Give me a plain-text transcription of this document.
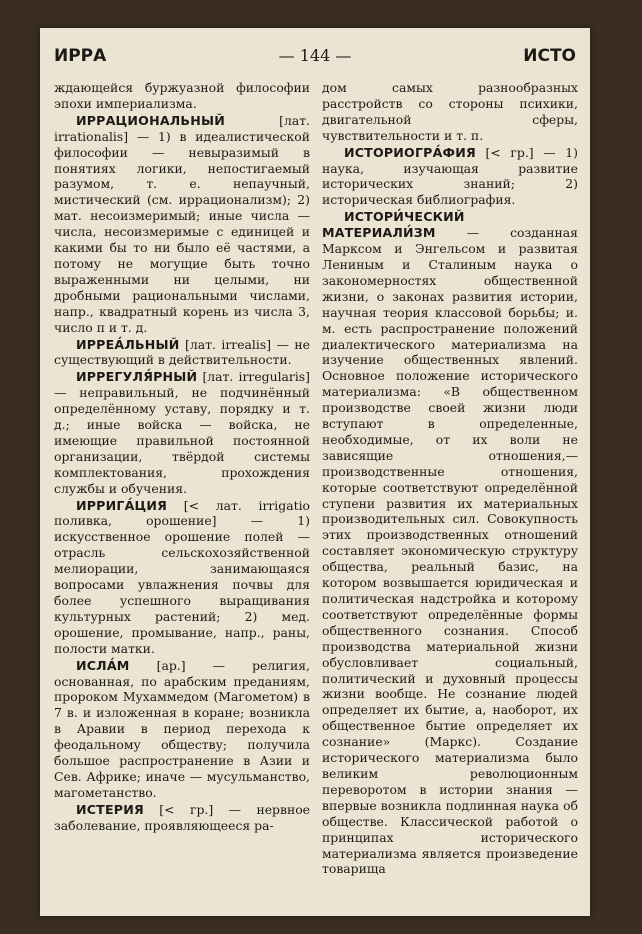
ИРРА	— 144 —	ИСТО

ждающейся буржуазной философии эпохи империализма.

ИРРАЦИОНАЛЬНЫЙ	[лат. irrationalis] — 1) в идеалистической философии — невыразимый в понятиях логики, непостигаемый разумом, т. е. непаучный, мистический (см. иррационализм); 2) мат. несоизмеримый; иные числа — числа, несоизмеримые с единицей и какими бы то ни было её частями, а потому не могущие быть точно выраженными ни целыми, ни дробными рациональными числами, напр., квадратный корень из числа 3, число π и т. д.

ИРРЕА́ЛЬНЫЙ [лат. irrealis] — не существующий в действительности.

ИРРЕГУЛЯ́РНЫЙ [лат. irregularis] — неправильный, не подчинённый определённому уставу, порядку и т. д.; иные войска — войска, не имеющие правильной постоянной организации, твёрдой системы комплектования, прохождения службы и обучения.

ИРРИГА́ЦИЯ [< лат. irrigatio поливка, орошение] — 1) искусственное орошение полей — отрасль сельскохозяйственной мелиорации, занимающаяся вопросами увлажнения почвы для более успешного выращивания культурных растений; 2) мед. орошение, промывание, напр., раны, полости матки.

ИСЛА́М [ар.] — религия, основанная, по арабским преданиям, пророком Мухаммедом (Магометом) в 7 в. и изложенная в коране; возникла в Аравии в период перехода к феодальному обществу; получила большое распространение в Азии и Сев. Африке; иначе — мусульманство, магометанство.

ИСТЕРИЯ [< гр.] — нервное заболевание, проявляющееся ра-

дом самых разнообразных расстройств со стороны психики, двигательной сферы, чувствительности и т. п.

ИСТОРИОГРА́ФИЯ [< гр.] — 1) наука, изучающая развитие исторических знаний; 2) историческая библиография.

ИСТОРИ́ЧЕСКИЙ МАТЕРИАЛИ́ЗМ	— созданная Марксом и Энгельсом и развитая Лениным и Сталиным наука о закономерностях общественной жизни, о законах развития истории, научная теория классовой борьбы; и. м. есть распространение положений диалектического материализма на изучение общественных явлений. Основное положение исторического материализма: «В общественном производстве своей жизни люди вступают в определенные, необходимые, от их воли не зависящие отношения,— производственные отношения, которые соответствуют определённой ступени развития их материальных производительных сил. Совокупность этих производственных отношений составляет экономическую структуру общества, реальный базис, на котором возвышается юридическая и политическая надстройка и которому соответствуют определённые формы общественного сознания. Способ производства материальной жизни обусловливает социальный, политический и духовный процессы жизни вообще. Не сознание людей определяет их бытие, а, наоборот, их общественное бытие определяет их сознание» (Маркс). Создание исторического материализма было великим революционным переворотом в истории знания — впервые возникла подлинная наука об обществе. Классической работой о принципах исторического материализма является произведение товарища
